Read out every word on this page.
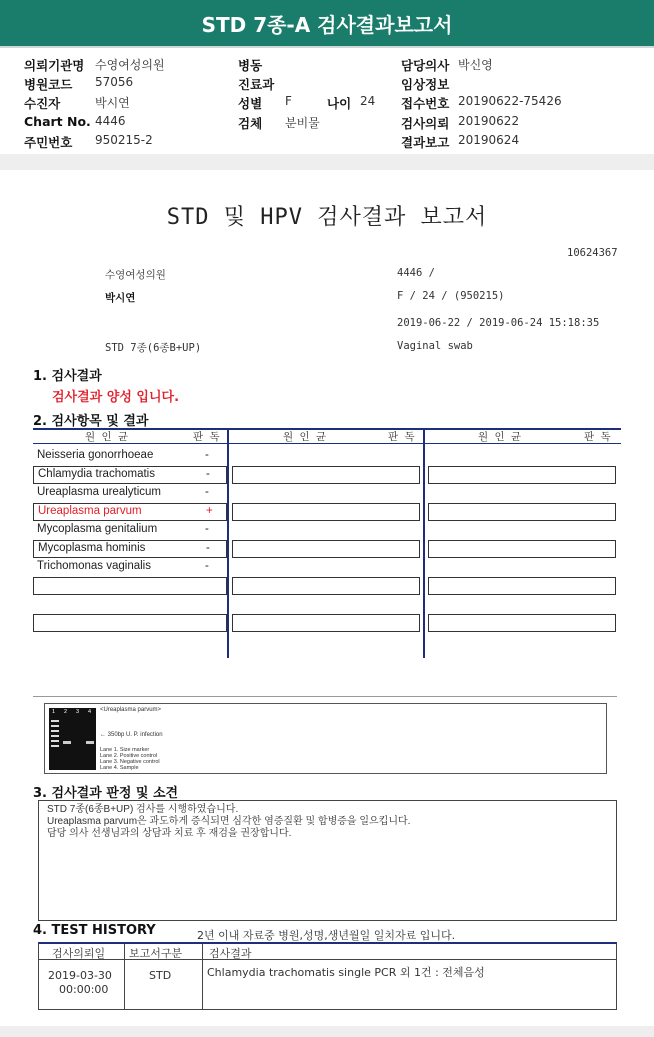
STD 7종-A 검사결과보고서
의뢰기관명 수영여성의원	병동	담당의사 박신영
병원코드 57056	진료과	임상정보
수진자	박시연	성별 F	나이 24 접수번호 20190622-75426
Chart No. 4446	검체 분비물	검사의뢰 20190622
주민번호 950215-2	결과보고 20190624
STD 및 HPV 검사결과 보고서
10624367
수영여성의원	4446 /
박시연	F / 24 / (950215)
2019-06-22 / 2019-06-24 15:18:35
STD 7종(6종B+UP)	Vaginal swab
1. 검사결과
검사결과 양성 입니다.
2. 검사항목 및 결과
원 인 균	판 독	원 인 균	판 독	원 인 균	판 독
Neisseria gonorrhoeae	-
Chlamydia trachomatis	-
Ureaplasma urealyticum	-
Ureaplasma parvum	+
Mycoplasma genitalium	-
Mycoplasma hominis	-
Trichomonas vaginalis	-
1 2 3 4 <Ureaplasma parvum>
← 350bp U. P. infection
Lane 1. Size marker
Lane 2. Positive control
Lane 3. Negative control
Lane 4. Sample
3. 검사결과 판정 및 소견
STD 7종(6종B+UP) 검사를 시행하였습니다.
Ureaplasma parvum은 과도하게 증식되면 심각한 염증질환 및 합병증을 일으킵니다.
담당 의사 선생님과의 상담과 치료 후 재검을 권장합니다.
4. TEST HISTORY	2년 이내 자료중 병원,성명,생년월일 일치자료 입니다.
검사의뢰일 보고서구분 검사결과
2019-03-30
00:00:00
STD	Chlamydia trachomatis single PCR 외 1건 : 전체음성
